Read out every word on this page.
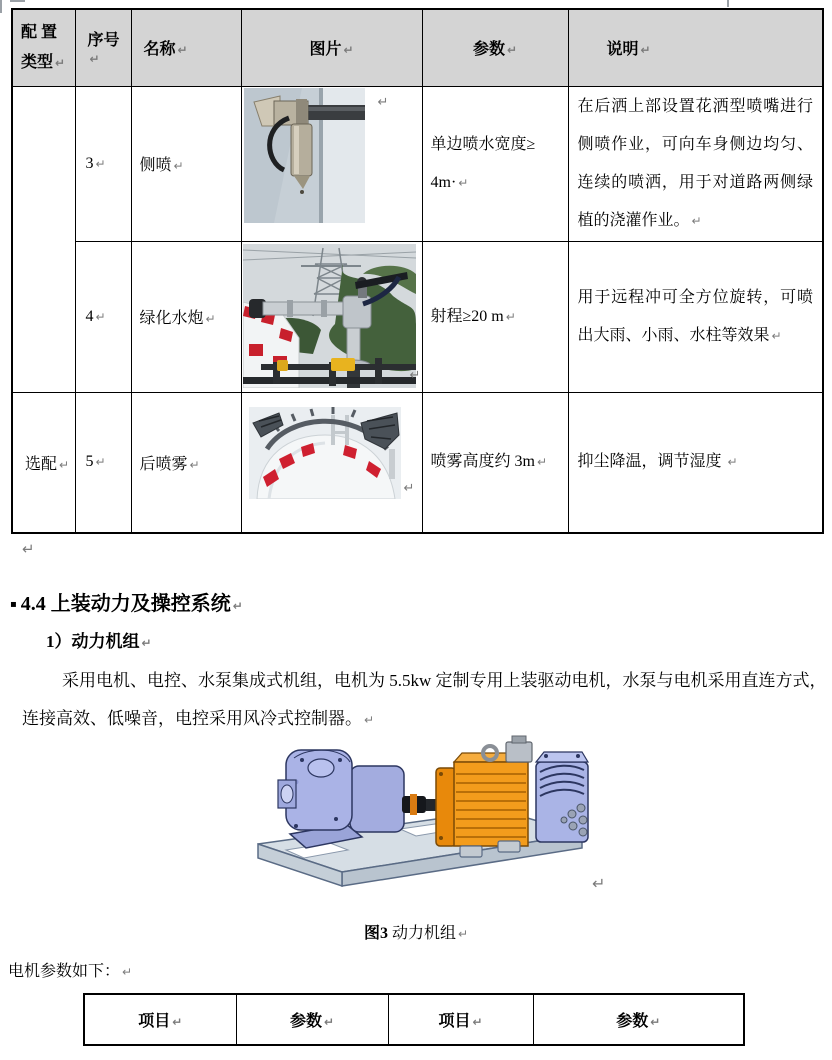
配 置
类型 ↵	序号↵	名称 ↵	图片 ↵	参数 ↵	说明 ↵
	3 ↵	侧喷 ↵	↵	单边喷水宽度≥ 4m· ↵	在后洒上部设置花洒型喷嘴进行侧喷作业，可向车身侧边均匀、连续的喷洒，用于对道路两侧绿植的浇灌作业。 ↵
	4 ↵	绿化水炮 ↵	↵	射程≥20 m ↵	用于远程冲可全方位旋转，可喷出大雨、小雨、水柱等效果 ↵
选配 ↵	5 ↵	后喷雾 ↵	↵	喷雾高度约 3m ↵	抑尘降温，调节湿度 ↵
↵
▪ 4.4 上装动力及操控系统 ↵
1）动力机组 ↵
采用电机、电控、水泵集成式机组，电机为 5.5kw 定制专用上装驱动电机，水泵与电机采用直连方式，
连接高效、低噪音，电控采用风冷式控制器。 ↵
↵
图3 动力机组 ↵
电机参数如下： ↵
项目 ↵	参数 ↵	项目 ↵	参数 ↵
